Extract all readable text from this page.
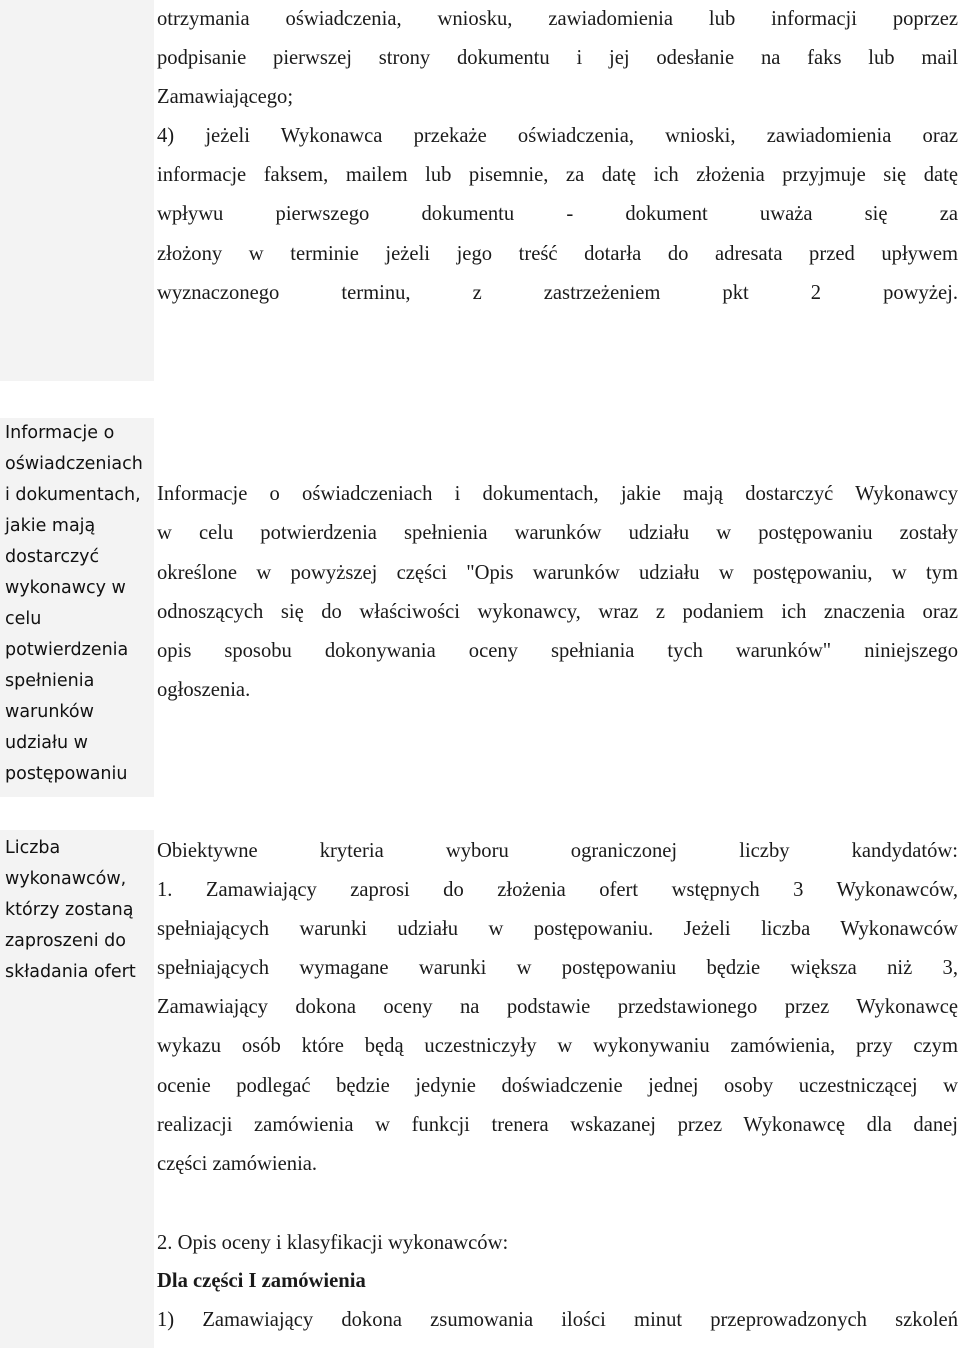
otrzymania oświadczenia, wniosku, zawiadomienia lub informacji poprzez
podpisanie pierwszej strony dokumentu i jej odesłanie na faks lub mail
Zamawiającego;
4) jeżeli Wykonawca przekaże oświadczenia, wnioski, zawiadomienia oraz
informacje faksem, mailem lub pisemnie, za datę ich złożenia przyjmuje się datę
wpływu pierwszego dokumentu - dokument uważa się za
złożony w terminie jeżeli jego treść dotarła do adresata przed upływem
wyznaczonego terminu, z zastrzeżeniem pkt 2 powyżej.
Informacje o
oświadczeniach
i dokumentach,
jakie mają
dostarczyć
wykonawcy w
celu
potwierdzenia
spełnienia
warunków
udziału w
postępowaniu
Informacje o oświadczeniach i dokumentach, jakie mają dostarczyć Wykonawcy
w celu potwierdzenia spełnienia warunków udziału w postępowaniu zostały
określone w powyższej części "Opis warunków udziału w postępowaniu, w tym
odnoszących się do właściwości wykonawcy, wraz z podaniem ich znaczenia oraz
opis sposobu dokonywania oceny spełniania tych warunków" niniejszego
ogłoszenia.
Liczba
wykonawców,
którzy zostaną
zaproszeni do
składania ofert
Obiektywne kryteria wyboru ograniczonej liczby kandydatów:
1. Zamawiający zaprosi do złożenia ofert wstępnych 3 Wykonawców,
spełniających warunki udziału w postępowaniu. Jeżeli liczba Wykonawców
spełniających wymagane warunki w postępowaniu będzie większa niż 3,
Zamawiający dokona oceny na podstawie przedstawionego przez Wykonawcę
wykazu osób które będą uczestniczyły w wykonywaniu zamówienia, przy czym
ocenie podlegać będzie jedynie doświadczenie jednej osoby uczestniczącej w
realizacji zamówienia w funkcji trenera wskazanej przez Wykonawcę dla danej
części zamówienia.
2. Opis oceny i klasyfikacji wykonawców:
Dla części I zamówienia
1) Zamawiający dokona zsumowania ilości minut przeprowadzonych szkoleń
